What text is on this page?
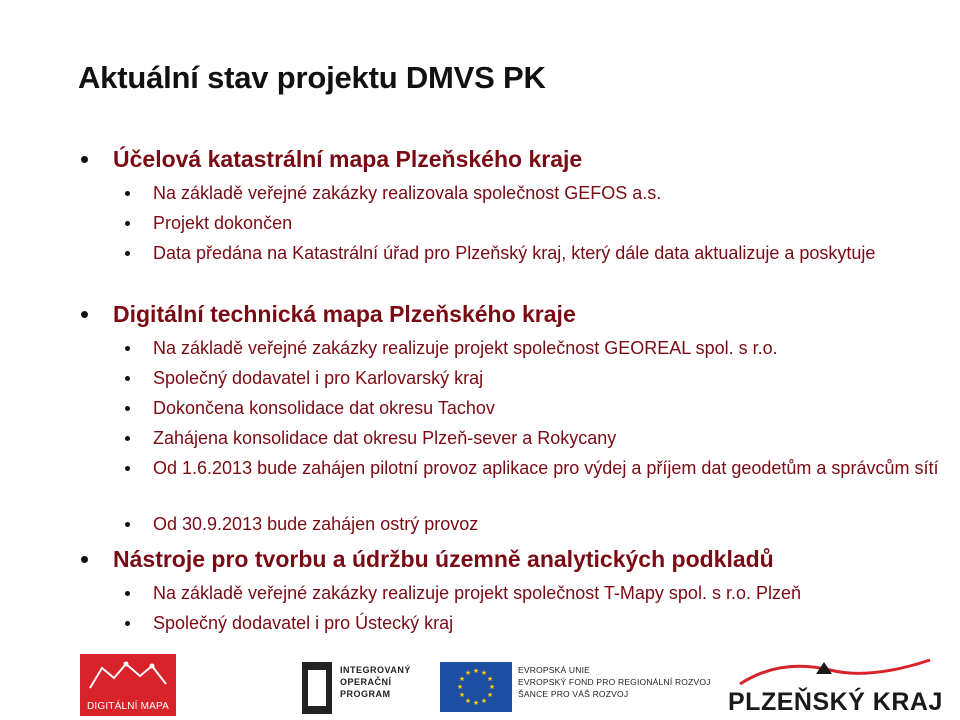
Aktuální stav projektu DMVS PK
Účelová katastrální mapa Plzeňského kraje
Na základě veřejné zakázky realizovala společnost GEFOS a.s.
Projekt dokončen
Data předána na Katastrální úřad pro Plzeňský kraj, který dále data aktualizuje a poskytuje
Digitální technická mapa Plzeňského kraje
Na základě veřejné zakázky realizuje projekt společnost GEOREAL spol. s r.o.
Společný dodavatel i pro Karlovarský kraj
Dokončena konsolidace dat okresu Tachov
Zahájena konsolidace dat okresu Plzeň-sever a Rokycany
Od 1.6.2013 bude zahájen pilotní provoz aplikace pro výdej a příjem dat geodetům a správcům sítí
Od 30.9.2013 bude zahájen ostrý provoz
Nástroje pro tvorbu a údržbu územně analytických podkladů
Na základě veřejné zakázky realizuje projekt společnost T-Mapy spol. s r.o. Plzeň
Společný dodavatel i pro Ústecký kraj
DIGITÁLNÍ MAPA
INTEGROVANÝ
OPERAČNÍ
PROGRAM
★ ★
★
★
★
★
★
★
★
★
★
★	EVROPSKÁ UNIE
EVROPSKÝ FOND PRO REGIONÁLNÍ ROZVOJ
ŠANCE PRO VÁŠ ROZVOJ	PLZEŇSKÝ KRAJ
